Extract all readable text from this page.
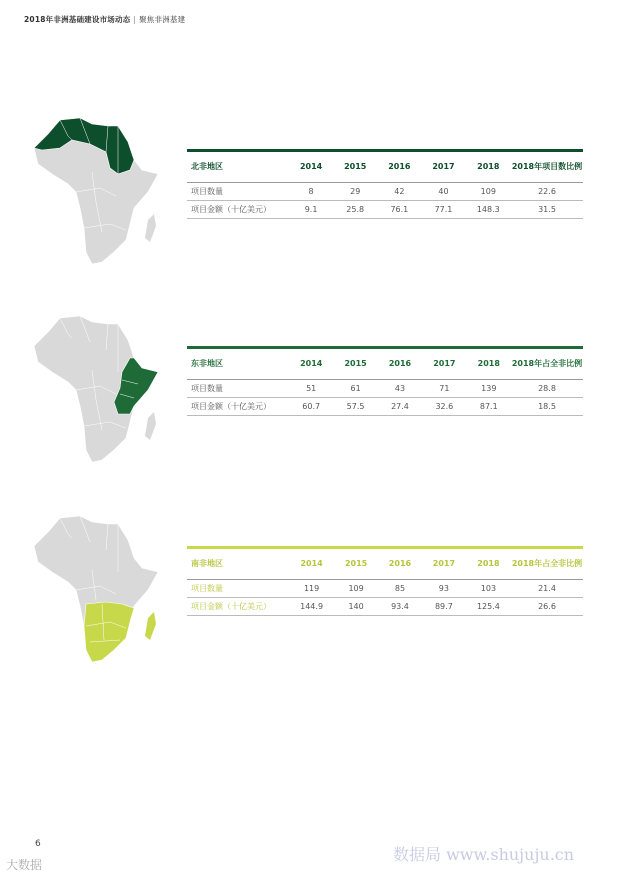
2018年非洲基础建设市场动态 | 聚焦非洲基建
北非地区	2014	2015	2016	2017	2018	2018年项目数比例
项目数量	8	29	42	40	109	22.6
项目金额（十亿美元）	9.1	25.8	76.1	77.1	148.3	31.5
东非地区	2014	2015	2016	2017	2018	2018年占全非比例
项目数量	51	61	43	71	139	28.8
项目金额（十亿美元）	60.7	57.5	27.4	32.6	87.1	18.5
南非地区	2014	2015	2016	2017	2018	2018年占全非比例
项目数量	119	109	85	93	103	21.4
项目金额（十亿美元）	144.9	140	93.4	89.7	125.4	26.6
6
大数据
数据局 www.shujuju.cn
